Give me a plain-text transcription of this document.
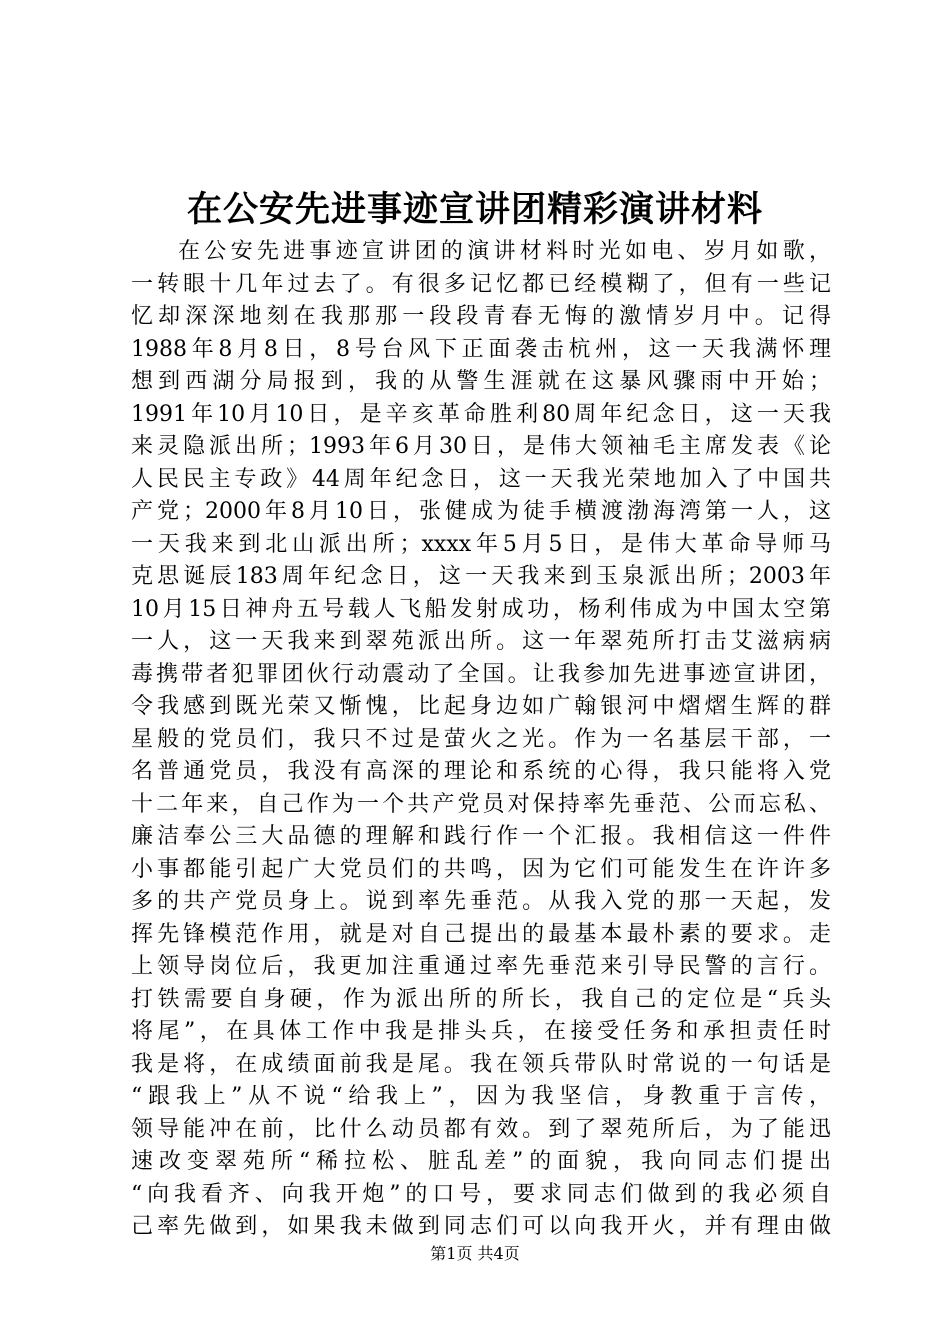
在公安先进事迹宣讲团精彩演讲材料
在公安先进事迹宣讲团的演讲材料时光如电、岁月如歌，
一转眼十几年过去了。有很多记忆都已经模糊了，但有一些记
忆却深深地刻在我那那一段段青春无悔的激情岁月中。记得
1988年8月8日，8号台风下正面袭击杭州，这一天我满怀理
想到西湖分局报到，我的从警生涯就在这暴风骤雨中开始；
1991年10月10日，是辛亥革命胜利80周年纪念日，这一天我
来灵隐派出所；1993年6月30日，是伟大领袖毛主席发表《论
人民民主专政》44周年纪念日，这一天我光荣地加入了中国共
产党；2000年8月10日，张健成为徒手横渡渤海湾第一人，这
一天我来到北山派出所；xxxx年5月5日，是伟大革命导师马
克思诞辰183周年纪念日，这一天我来到玉泉派出所；2003年
10月15日神舟五号载人飞船发射成功，杨利伟成为中国太空第
一人，这一天我来到翠苑派出所。这一年翠苑所打击艾滋病病
毒携带者犯罪团伙行动震动了全国。让我参加先进事迹宣讲团，
令我感到既光荣又惭愧，比起身边如广翰银河中熠熠生辉的群
星般的党员们，我只不过是萤火之光。作为一名基层干部，一
名普通党员，我没有高深的理论和系统的心得，我只能将入党
十二年来，自己作为一个共产党员对保持率先垂范、公而忘私、
廉洁奉公三大品德的理解和践行作一个汇报。我相信这一件件
小事都能引起广大党员们的共鸣，因为它们可能发生在许许多
多的共产党员身上。说到率先垂范。从我入党的那一天起，发
挥先锋模范作用，就是对自己提出的最基本最朴素的要求。走
上领导岗位后，我更加注重通过率先垂范来引导民警的言行。
打铁需要自身硬，作为派出所的所长，我自己的定位是“兵头
将尾”，在具体工作中我是排头兵，在接受任务和承担责任时
我是将，在成绩面前我是尾。我在领兵带队时常说的一句话是
“跟我上”从不说“给我上”，因为我坚信，身教重于言传，
领导能冲在前，比什么动员都有效。到了翠苑所后，为了能迅
速改变翠苑所“稀拉松、脏乱差”的面貌，我向同志们提出
“向我看齐、向我开炮”的口号，要求同志们做到的我必须自
己率先做到，如果我未做到同志们可以向我开火，并有理由做
第1页 共4页
